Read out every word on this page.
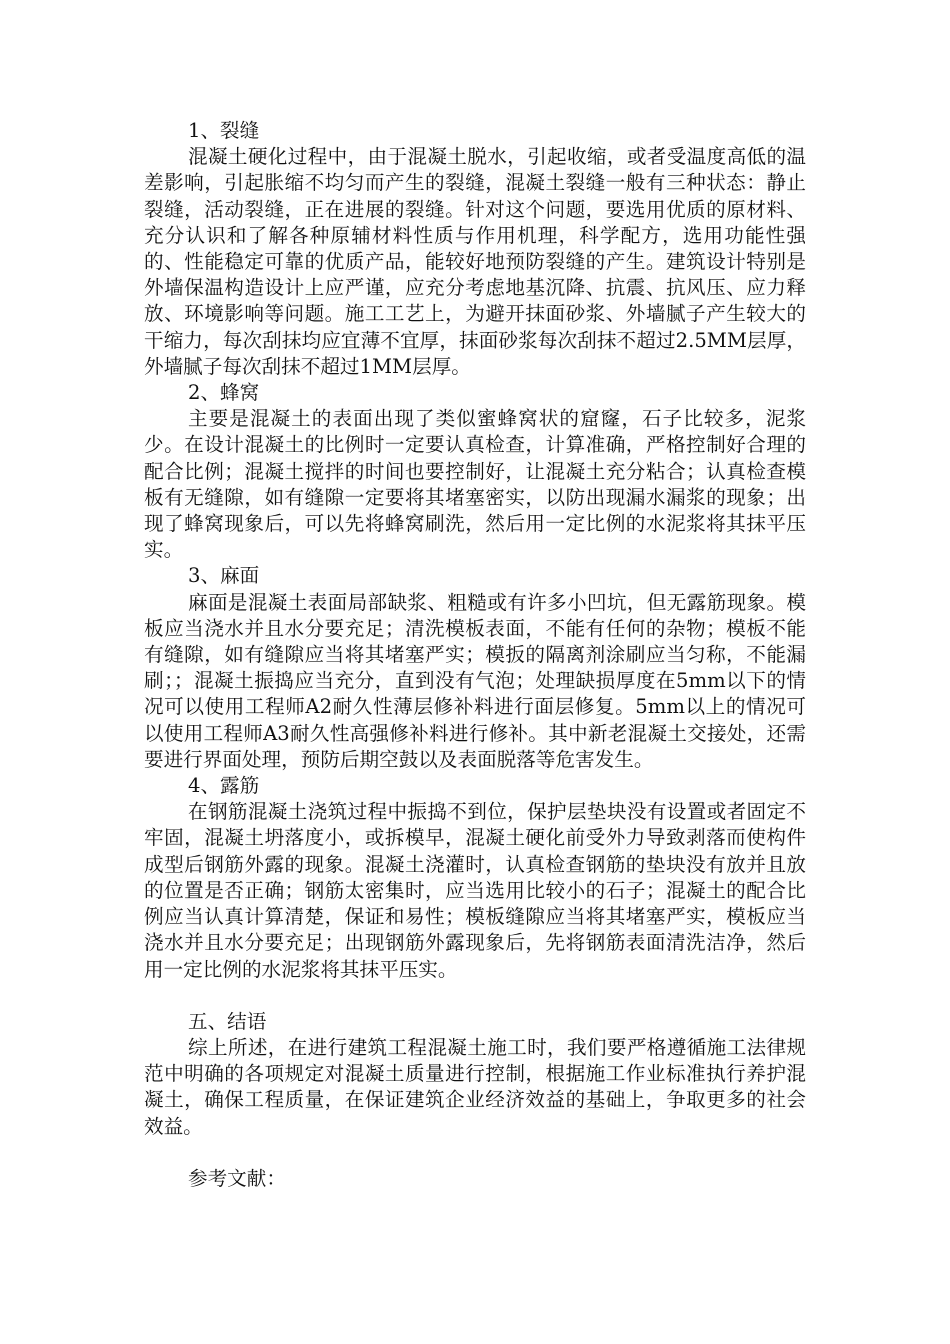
1、裂缝

混凝土硬化过程中，由于混凝土脱水，引起收缩，或者受温度高低的温差影响，引起胀缩不均匀而产生的裂缝，混凝土裂缝一般有三种状态：静止裂缝，活动裂缝，正在进展的裂缝。针对这个问题，要选用优质的原材料、充分认识和了解各种原辅材料性质与作用机理，科学配方，选用功能性强的、性能稳定可靠的优质产品，能较好地预防裂缝的产生。建筑设计特别是外墙保温构造设计上应严谨，应充分考虑地基沉降、抗震、抗风压、应力释放、环境影响等问题。施工工艺上，为避开抹面砂浆、外墙腻子产生较大的干缩力，每次刮抹均应宜薄不宜厚，抹面砂浆每次刮抹不超过2.5MM层厚，外墙腻子每次刮抹不超过1MM层厚。

2、蜂窝

主要是混凝土的表面出现了类似蜜蜂窝状的窟窿，石子比较多，泥浆少。在设计混凝土的比例时一定要认真检查，计算准确，严格控制好合理的配合比例；混凝土搅拌的时间也要控制好，让混凝土充分粘合；认真检查模板有无缝隙，如有缝隙一定要将其堵塞密实，以防出现漏水漏浆的现象；出现了蜂窝现象后，可以先将蜂窝刷洗，然后用一定比例的水泥浆将其抹平压实。

3、麻面

麻面是混凝土表面局部缺浆、粗糙或有许多小凹坑，但无露筋现象。模板应当浇水并且水分要充足；清洗模板表面，不能有任何的杂物；模板不能有缝隙，如有缝隙应当将其堵塞严实；模扳的隔离剂涂刷应当匀称，不能漏刷；；混凝土振捣应当充分，直到没有气泡；处理缺损厚度在5mm以下的情况可以使用工程师A2耐久性薄层修补料进行面层修复。5mm以上的情况可以使用工程师A3耐久性高强修补料进行修补。其中新老混凝土交接处，还需要进行界面处理，预防后期空鼓以及表面脱落等危害发生。

4、露筋

在钢筋混凝土浇筑过程中振捣不到位，保护层垫块没有设置或者固定不牢固，混凝土坍落度小，或拆模早，混凝土硬化前受外力导致剥落而使构件成型后钢筋外露的现象。混凝土浇灌时，认真检查钢筋的垫块没有放并且放的位置是否正确；钢筋太密集时，应当选用比较小的石子；混凝土的配合比例应当认真计算清楚，保证和易性；模板缝隙应当将其堵塞严实，模板应当浇水并且水分要充足；出现钢筋外露现象后，先将钢筋表面清洗洁净，然后用一定比例的水泥浆将其抹平压实。

五、结语

综上所述，在进行建筑工程混凝土施工时，我们要严格遵循施工法律规范中明确的各项规定对混凝土质量进行控制，根据施工作业标准执行养护混凝土，确保工程质量，在保证建筑企业经济效益的基础上，争取更多的社会效益。

参考文献：
